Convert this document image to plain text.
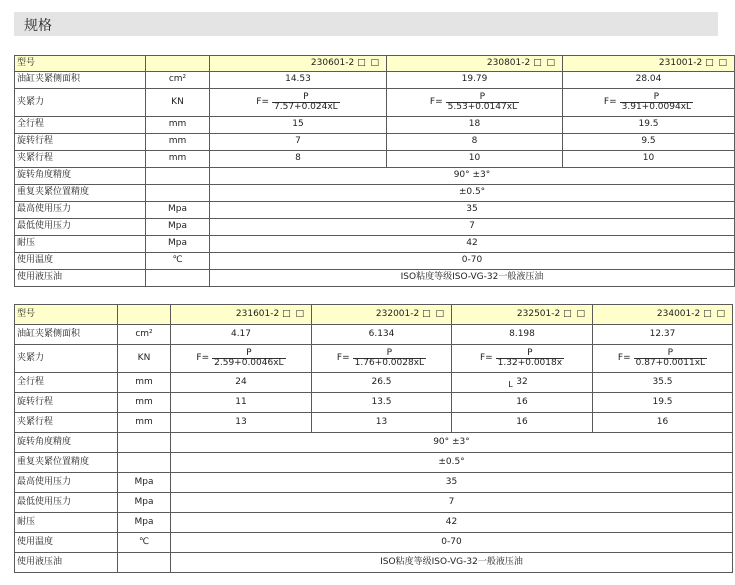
规格
型号		230601-2 □ □	230801-2 □ □	231001-2 □ □
油缸夹紧侧面积	cm²	14.53	19.79	28.04
夹紧力	KN	$F= \frac{P}{7.57+0.024xL}$	$F= \frac{P}{5.53+0.0147xL}$	$F= \frac{P}{3.91+0.0094xL}$

全行程	mm	15	18	19.5
旋转行程	mm	7	8	9.5
夹紧行程	mm	8	10	10
旋转角度精度		90° ±3°		
重复夹紧位置精度		±0.5°		
最高使用压力	Mpa	35		
最低使用压力	Mpa	7		
耐压	Mpa	42		
使用温度	℃	0-70		
使用液压油		ISO粘度等级ISO-VG-32一般液压油		
型号		231601-2 □ □	232001-2 □ □	232501-2 □ □	234001-2 □ □
油缸夹紧侧面积	cm²	4.17	6.134	8.198	12.37
夹紧力	KN	$F= \frac{P}{2.59+0.0046xL}$	$F= \frac{P}{1.76+0.0028xL}$	$F= \frac{P}{1.32+0.0018x}$	$F= \frac{P}{0.87+0.0011xL}$

全行程	mm	24	26.5	L 32	35.5
旋转行程	mm	11	13.5	16	19.5
夹紧行程	mm	13	13	16	16
旋转角度精度		90° ±3°			
重复夹紧位置精度		±0.5°			
最高使用压力	Mpa	35			
最低使用压力	Mpa	7			
耐压	Mpa	42			
使用温度	℃	0-70			
使用液压油		ISO粘度等级ISO-VG-32一般液压油			
